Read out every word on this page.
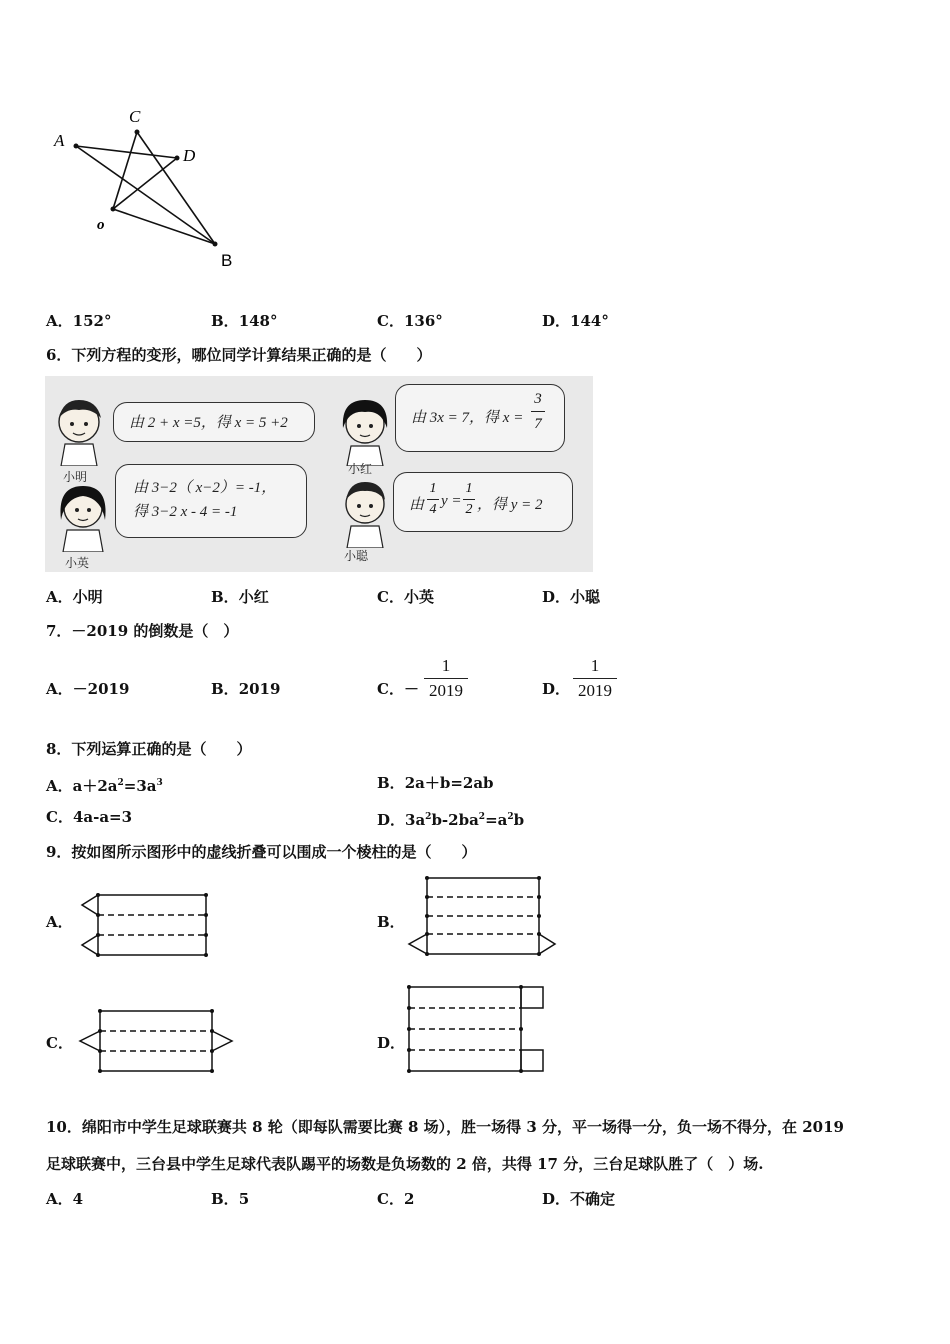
A
C
D
o
B
A．152°	B．148°	C．136°	D．144°
6．下列方程的变形，哪位同学计算结果正确的是（　　）
小明
小红
小英	小聪
由 2 + x =5，得 x = 5 +2	由 3x = 7，得 x =
3
7
由 3−2（ x−2）= -1，
得 3−2 x - 4 = -1	由
1
4
y =
1
2 ，得 y = 2
A．小明	B．小红	C．小英	D．小聪
7．－2019 的倒数是（　）
A．－2019	B．2019	C．－
1
2019	D．
1
2019
8．下列运算正确的是（　　）
A．$a+2a^2=3a^3$	B．2a＋b=2ab
C．4a-a=3	D．$3a^2b-2ba^2=a^2b$
9．按如图所示图形中的虚线折叠可以围成一个棱柱的是（　　）
A．	B．
C．	D．
10．绵阳市中学生足球联赛共 8 轮（即每队需要比赛 8 场），胜一场得 3 分，平一场得一分，负一场不得分，在 2019
足球联赛中，三台县中学生足球代表队踢平的场数是负场数的 2 倍，共得 17 分，三台足球队胜了（　）场.
A．4	B．5	C．2	D．不确定
